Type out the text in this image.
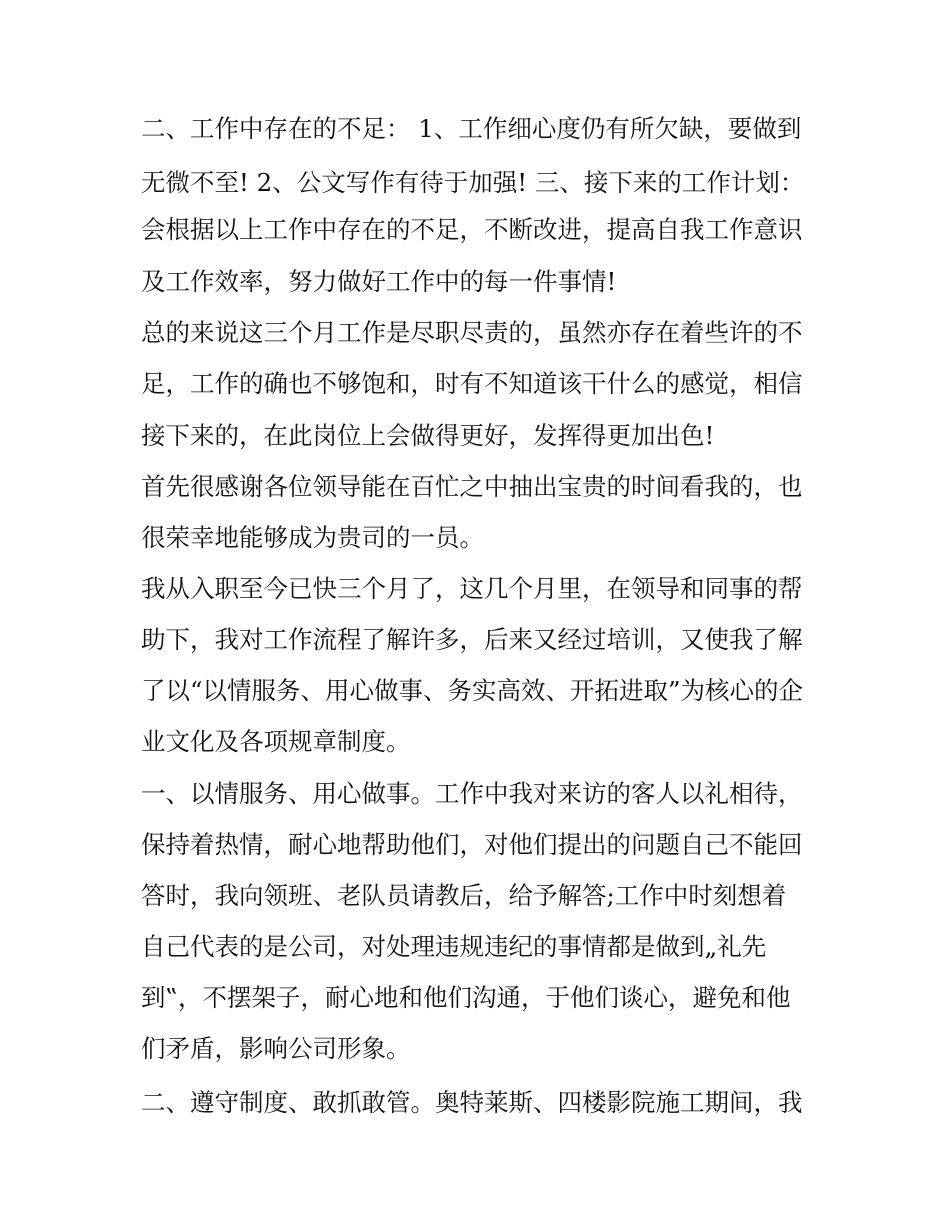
二、工作中存在的不足： 1、工作细心度仍有所欠缺，要做到

无微不至! 2、公文写作有待于加强! 三、接下来的工作计划：

会根据以上工作中存在的不足，不断改进，提高自我工作意识

及工作效率，努力做好工作中的每一件事情!

总的来说这三个月工作是尽职尽责的，虽然亦存在着些许的不

足，工作的确也不够饱和，时有不知道该干什么的感觉，相信

接下来的，在此岗位上会做得更好，发挥得更加出色!

首先很感谢各位领导能在百忙之中抽出宝贵的时间看我的，也

很荣幸地能够成为贵司的一员。

我从入职至今已快三个月了，这几个月里，在领导和同事的帮

助下，我对工作流程了解许多，后来又经过培训，又使我了解

了以“以情服务、用心做事、务实高效、开拓进取”为核心的企

业文化及各项规章制度。

一、以情服务、用心做事。工作中我对来访的客人以礼相待，

保持着热情，耐心地帮助他们，对他们提出的问题自己不能回

答时，我向领班、老队员请教后，给予解答;工作中时刻想着

自己代表的是公司，对处理违规违纪的事情都是做到„礼先

到‟，不摆架子，耐心地和他们沟通，于他们谈心，避免和他

们矛盾，影响公司形象。

二、遵守制度、敢抓敢管。奥特莱斯、四楼影院施工期间，我
